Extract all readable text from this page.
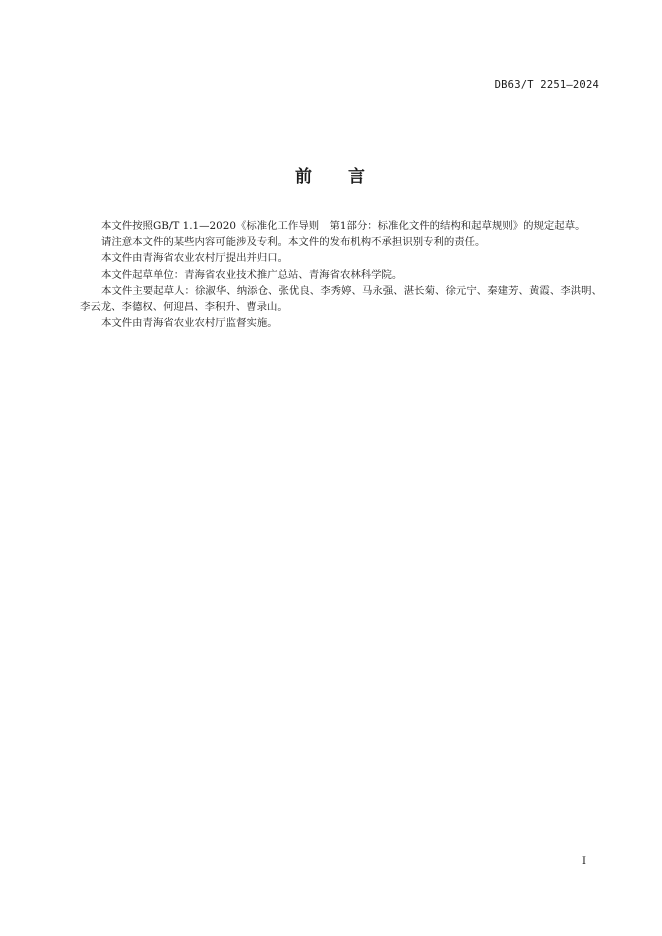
DB63/T 2251—2024
前 言

本文件按照GB/T 1.1—2020《标准化工作导则　第1部分：标准化文件的结构和起草规则》的规定起草。

请注意本文件的某些内容可能涉及专利。本文件的发布机构不承担识别专利的责任。

本文件由青海省农业农村厅提出并归口。

本文件起草单位：青海省农业技术推广总站、青海省农林科学院。

本文件主要起草人：徐淑华、纳添仓、张优良、李秀婷、马永强、湛长菊、徐元宁、秦建芳、黄霞、李洪明、李云龙、李德权、何迎昌、李积升、曹录山。

本文件由青海省农业农村厅监督实施。

I
